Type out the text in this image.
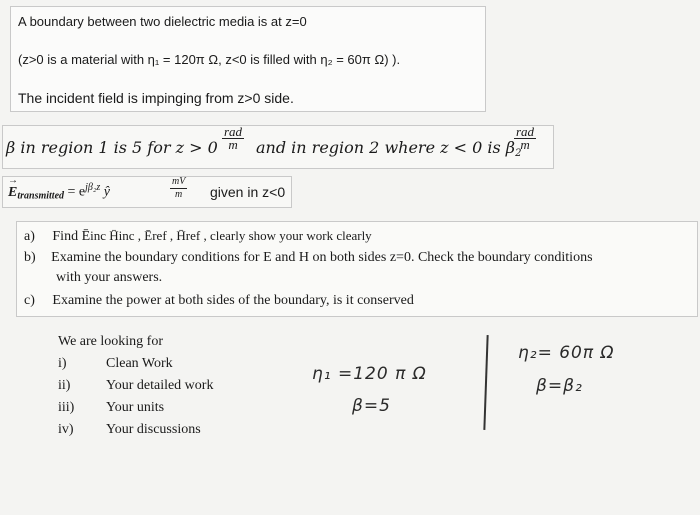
A boundary between two dielectric media is at z=0
(z>0 is a material with η₁ = 120π Ω, z<0 is filled with η₂ = 60π Ω) ).
The incident field is impinging from z>0 side.
β in region 1 is 5 for z > 0
rad
m	and in region 2 where z < 0 is $\beta_2$
rad
m
→ $E_{transmitted} = e^{j\beta_2z}$ ŷ	$\frac{mV}{m}$ given in z<0
a) Find Ēinc H̄inc , Ēref , H̄ref , clearly show your work clearly
b) Examine the boundary conditions for E and H on both sides z=0. Check the boundary conditions
with your answers.
c) Examine the power at both sides of the boundary, is it conserved
We are looking for
i)	Clean Work
ii)	Your detailed work
iii) Your units
iv) Your discussions
η₁ =120 π Ω
β=5
η₂= 60π Ω
β=β₂
